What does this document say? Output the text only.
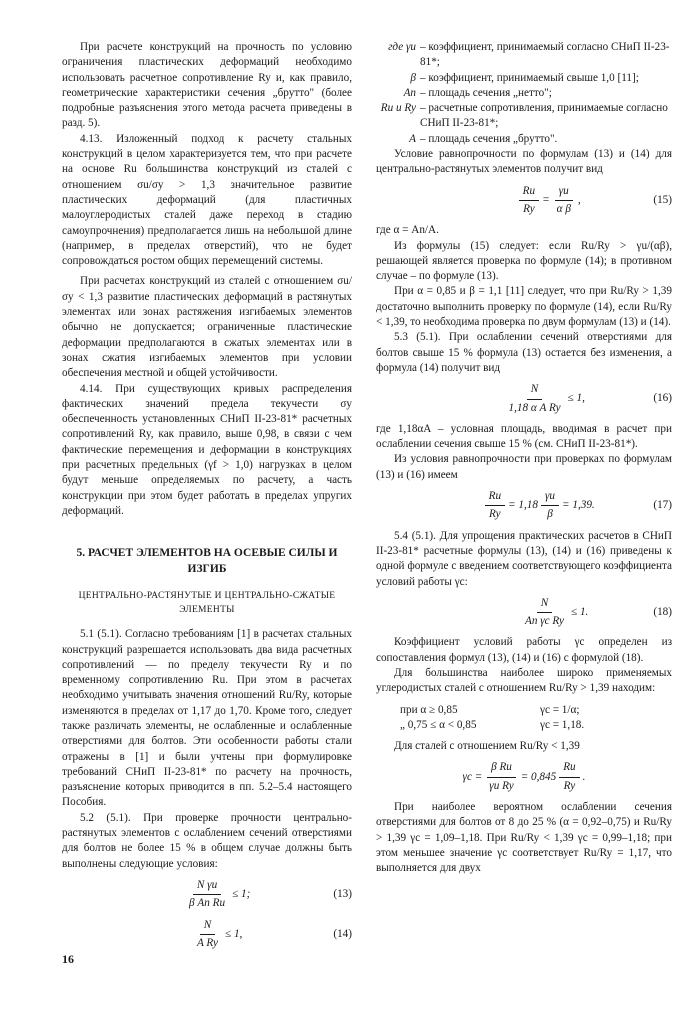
При расчете конструкций на прочность по условию ограничения пластических деформаций необходимо использовать расчетное сопротивление Ry и, как правило, геометрические характеристики сечения „брутто" (более подробные разъяснения этого метода расчета приведены в разд. 5).

4.13. Изложенный подход к расчету стальных конструкций в целом характеризуется тем, что при расчете на основе Ru большинства конструкций из сталей с отношением σu/σy > 1,3 значительное развитие пластических деформаций (для пластичных малоуглеродистых сталей даже переход в стадию самоупрочнения) предполагается лишь на небольшой длине (например, в пределах отверстий), что не будет сопровождаться ростом общих перемещений системы.

При расчетах конструкций из сталей с отношением σu/σy < 1,3 развитие пластических деформаций в растянутых элементах или зонах растяжения изгибаемых элементов обычно не допускается; ограниченные пластические деформации предполагаются в сжатых элементах или в зонах сжатия изгибаемых элементов при условии обеспечения местной и общей устойчивости.

4.14. При существующих кривых распределения фактических значений предела текучести σy обеспеченность установленных СНиП II-23-81* расчетных сопротивлений Ry, как правило, выше 0,98, в связи с чем фактические перемещения и деформации в конструкциях при расчетных предельных (γf > 1,0) нагрузках в целом будут меньше определяемых по расчету, а часть конструкции при этом будет работать в пределах упругих деформаций.

5. РАСЧЕТ ЭЛЕМЕНТОВ НА ОСЕВЫЕ СИЛЫ И ИЗГИБ
ЦЕНТРАЛЬНО-РАСТЯНУТЫЕ И ЦЕНТРАЛЬНО-СЖАТЫЕ ЭЛЕМЕНТЫ

5.1 (5.1). Согласно требованиям [1] в расчетах стальных конструкций разрешается использовать два вида расчетных сопротивлений — по пределу текучести Ry и по временному сопротивлению Ru. При этом в расчетах необходимо учитывать значения отношений Ru/Ry, которые изменяются в пределах от 1,17 до 1,70. Кроме того, следует также различать элементы, не ослабленные и ослабленные отверстиями для болтов. Эти особенности работы стали отражены в [1] и были учтены при формулировке требований СНиП II-23-81* по расчету на прочность, разъяснение которых приводится в пп. 5.2–5.4 настоящего Пособия.

5.2 (5.1). При проверке прочности центрально-растянутых элементов с ослаблением сечений отверстиями для болтов не более 15 % в общем случае должны быть выполнены следующие условия:

$\frac{\text{N γu}}{\text{β An Ru}} \le 1$;	(13)
$\frac{N}{\text{A Ry}} \le 1$,	(14)
где γu – коэффициент, принимаемый согласно СНиП II-23-81*;
β – коэффициент, принимаемый свыше 1,0 [11];
An – площадь сечения „нетто";
Ru и Ry – расчетные сопротивления, принимаемые согласно СНиП II-23-81*;
A – площадь сечения „брутто".

Условие равнопрочности по формулам (13) и (14) для центрально-растянутых элементов получит вид

$\frac{Ru}{Ry} = \frac{\gamma u}{\text{α β}}$ ,	(15)

где α = An/A.

Из формулы (15) следует: если Ru/Ry > γu/(αβ), решающей является проверка по формуле (14); в противном случае – по формуле (13).

При α = 0,85 и β = 1,1 [11] следует, что при Ru/Ry > 1,39 достаточно выполнить проверку по формуле (14), если Ru/Ry < 1,39, то необходима проверка по двум формулам (13) и (14).

5.3 (5.1). При ослаблении сечений отверстиями для болтов свыше 15 % формула (13) остается без изменения, а формула (14) получит вид

$\frac{N}{\text{1,18 α A Ry}} \le 1$,	(16)

где 1,18αA – условная площадь, вводимая в расчет при ослаблении сечения свыше 15 % (см. СНиП II-23-81*).

Из условия равнопрочности при проверках по формулам (13) и (16) имеем

$\frac{Ru}{Ry} = 1,18 \frac{\gamma u}{\beta} = 1,39$.	(17)

5.4 (5.1). Для упрощения практических расчетов в СНиП II-23-81* расчетные формулы (13), (14) и (16) приведены к одной формуле с введением соответствующего коэффициента условий работы γc:

$\frac{N}{\text{An γc Ry}} \le 1$.	(18)

Коэффициент условий работы γc определен из сопоставления формул (13), (14) и (16) с формулой (18).

Для большинства наиболее широко применяемых углеродистых сталей с отношением Ru/Ry > 1,39 находим:

при α ≥ 0,85	γc = 1/α;
„ 0,75 ≤ α < 0,85	γc = 1,18.

Для сталей с отношением Ru/Ry < 1,39

$\gamma c = \frac{\text{β Ru}}{\text{γu Ry}} = 0,845 \frac{Ru}{Ry}$ .

При наиболее вероятном ослаблении сечения отверстиями для болтов от 8 до 25 % (α = 0,92–0,75) и Ru/Ry > 1,39 γc = 1,09–1,18. При Ru/Ry < 1,39 γc = 0,99–1,18; при этом меньшее значение γc соответствует Ru/Ry = 1,17, что выполняется для двух

16
